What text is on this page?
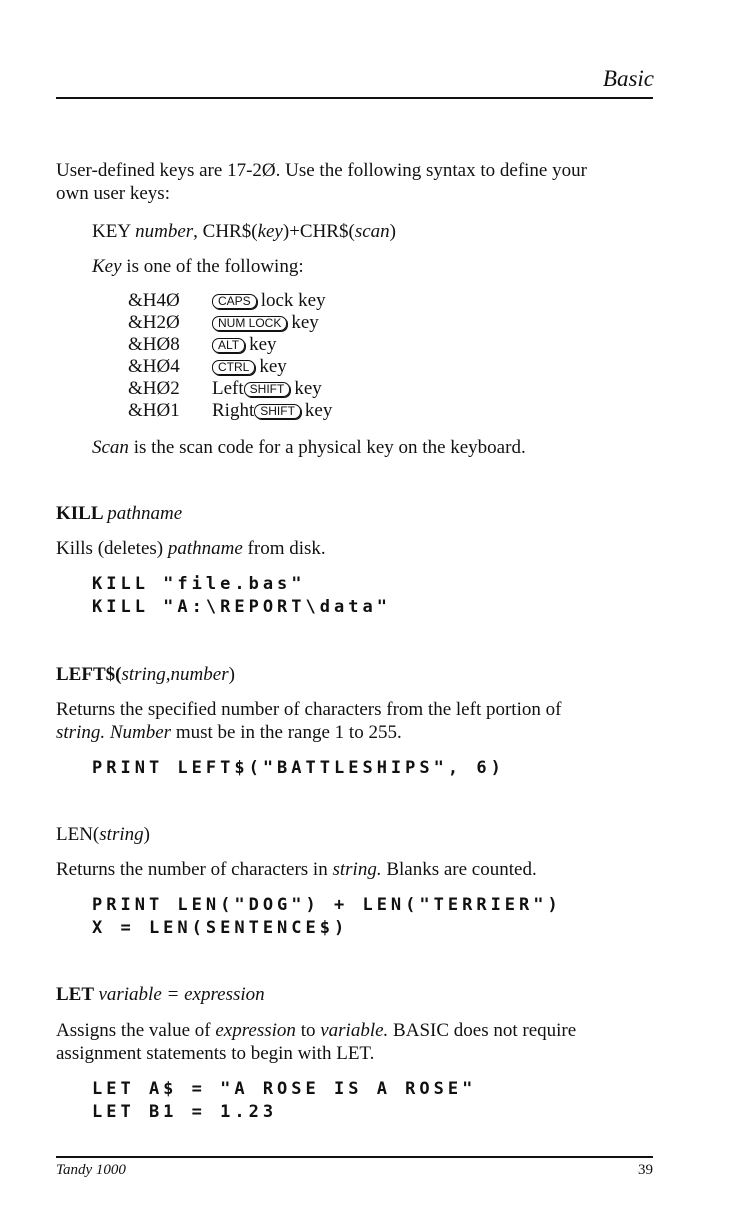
Basic
User-defined keys are 17-2Ø. Use the following syntax to define your
own user keys:
KEY number, CHR$(key)+CHR$(scan)
Key is one of the following:
&H4Ø	CAPS lock key
&H2Ø	NUM LOCK key
&HØ8	ALT key
&HØ4	CTRL key
&HØ2	Left SHIFT key
&HØ1	Right SHIFT key
Scan is the scan code for a physical key on the keyboard.
KILL pathname
Kills (deletes) pathname from disk.
KILL "file.bas"
KILL "A:\REPORT\data"
LEFT$(string,number)
Returns the specified number of characters from the left portion of
string. Number must be in the range 1 to 255.
PRINT LEFT$("BATTLESHIPS", 6)
LEN(string)
Returns the number of characters in string. Blanks are counted.
PRINT LEN("DOG") + LEN("TERRIER")
X = LEN(SENTENCE$)
LET variable = expression
Assigns the value of expression to variable. BASIC does not require
assignment statements to begin with LET.
LET A$ = "A ROSE IS A ROSE"
LET B1 = 1.23
Tandy 1000	39
